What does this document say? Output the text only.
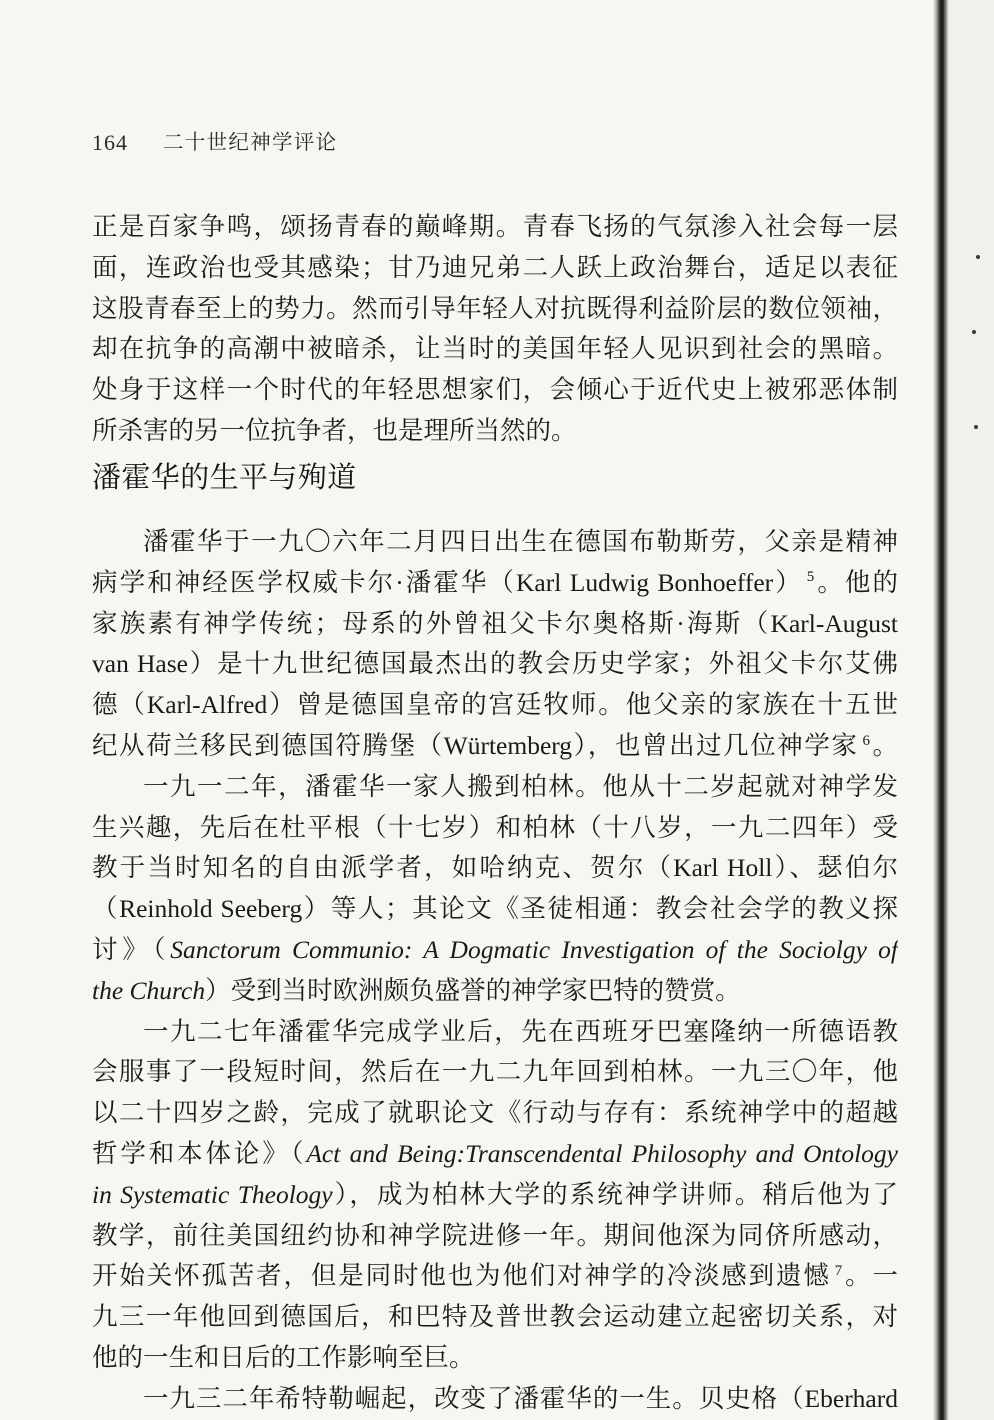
164 二十世纪神学评论
正是百家争鸣，颂扬青春的巅峰期。青春飞扬的气氛渗入社会每一层
面，连政治也受其感染；甘乃迪兄弟二人跃上政治舞台，适足以表征
这股青春至上的势力。然而引导年轻人对抗既得利益阶层的数位领袖，
却在抗争的高潮中被暗杀，让当时的美国年轻人见识到社会的黑暗。
处身于这样一个时代的年轻思想家们，会倾心于近代史上被邪恶体制
所杀害的另一位抗争者，也是理所当然的。
潘霍华的生平与殉道
潘霍华于一九〇六年二月四日出生在德国布勒斯劳，父亲是精神
病学和神经医学权威卡尔·潘霍华（Karl Ludwig Bonhoeffer） $^5$。他的
家族素有神学传统；母系的外曾祖父卡尔奥格斯·海斯（Karl-August
van Hase）是十九世纪德国最杰出的教会历史学家；外祖父卡尔艾佛
德（Karl-Alfred）曾是德国皇帝的宫廷牧师。他父亲的家族在十五世
纪从荷兰移民到德国符腾堡（Würtemberg），也曾出过几位神学家 $^6$。
一九一二年，潘霍华一家人搬到柏林。他从十二岁起就对神学发
生兴趣，先后在杜平根（十七岁）和柏林（十八岁，一九二四年）受
教于当时知名的自由派学者，如哈纳克、贺尔（Karl Holl）、瑟伯尔
（Reinhold Seeberg）等人；其论文《圣徒相通：教会社会学的教义探
讨》（Sanctorum Communio: A Dogmatic Investigation of the Sociolgy of
the Church）受到当时欧洲颇负盛誉的神学家巴特的赞赏。
一九二七年潘霍华完成学业后，先在西班牙巴塞隆纳一所德语教
会服事了一段短时间，然后在一九二九年回到柏林。一九三〇年，他
以二十四岁之龄，完成了就职论文《行动与存有：系统神学中的超越
哲学和本体论》（Act and Being:Transcendental Philosophy and Ontology
in Systematic Theology），成为柏林大学的系统神学讲师。稍后他为了
教学，前往美国纽约协和神学院进修一年。期间他深为同侪所感动，
开始关怀孤苦者，但是同时他也为他们对神学的冷淡感到遗憾 $^7$。一
九三一年他回到德国后，和巴特及普世教会运动建立起密切关系，对
他的一生和日后的工作影响至巨。
一九三二年希特勒崛起，改变了潘霍华的一生。贝史格（Eberhard
